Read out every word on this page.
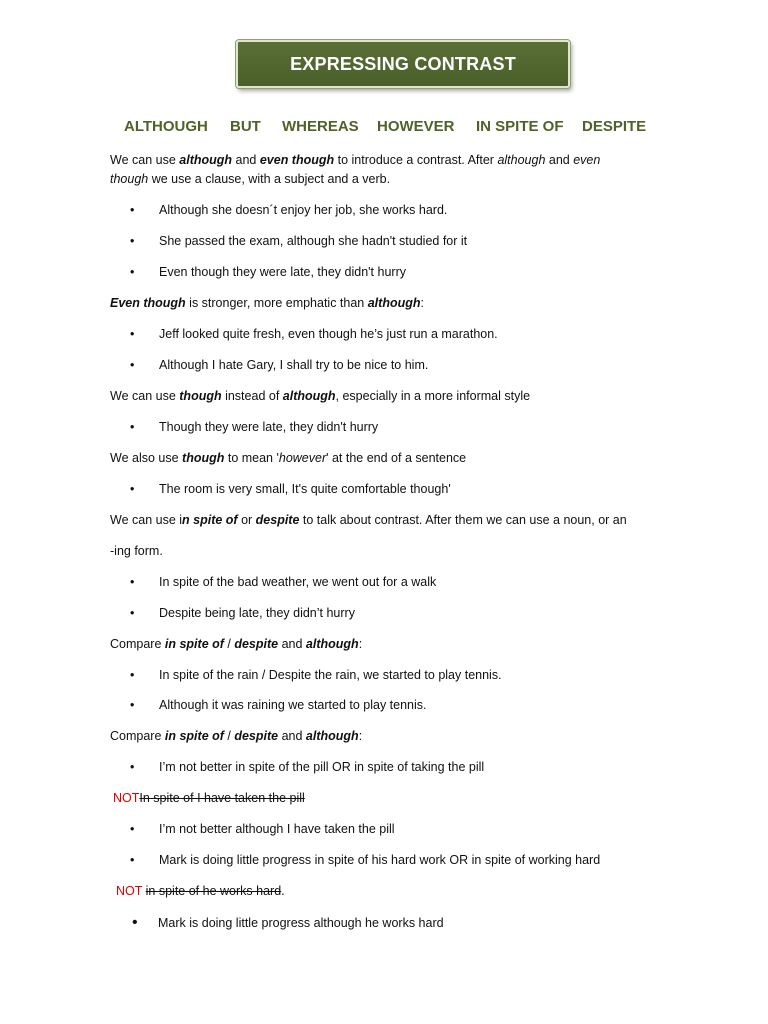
EXPRESSING CONTRAST
ALTHOUGH BUT WHEREAS HOWEVER IN SPITE OF DESPITE
We can use although and even though to introduce a contrast. After although and even
though we use a clause, with a subject and a verb.
•	Although she doesn´t enjoy her job, she works hard.
•	She passed the exam, although she hadn't studied for it
•	Even though they were late, they didn't hurry
Even though is stronger, more emphatic than although:
•	Jeff looked quite fresh, even though he’s just run a marathon.
•	Although I hate Gary, I shall try to be nice to him.
We can use though instead of although, especially in a more informal style
•	Though they were late, they didn't hurry
We also use though to mean 'however' at the end of a sentence
•	The room is very small, It's quite comfortable though'
We can use in spite of or despite to talk about contrast. After them we can use a noun, or an
-ing form.
•	In spite of the bad weather, we went out for a walk
•	Despite being late, they didn’t hurry
Compare in spite of / despite and although:
•	In spite of the rain / Despite the rain, we started to play tennis.
•	Although it was raining we started to play tennis.
Compare in spite of / despite and although:
•	I’m not better in spite of the pill OR in spite of taking the pill
NOTIn spite of I have taken the pill
•	I’m not better although I have taken the pill
•	Mark is doing little progress in spite of his hard work OR in spite of working hard
NOT in spite of he works hard.
•	Mark is doing little progress although he works hard
